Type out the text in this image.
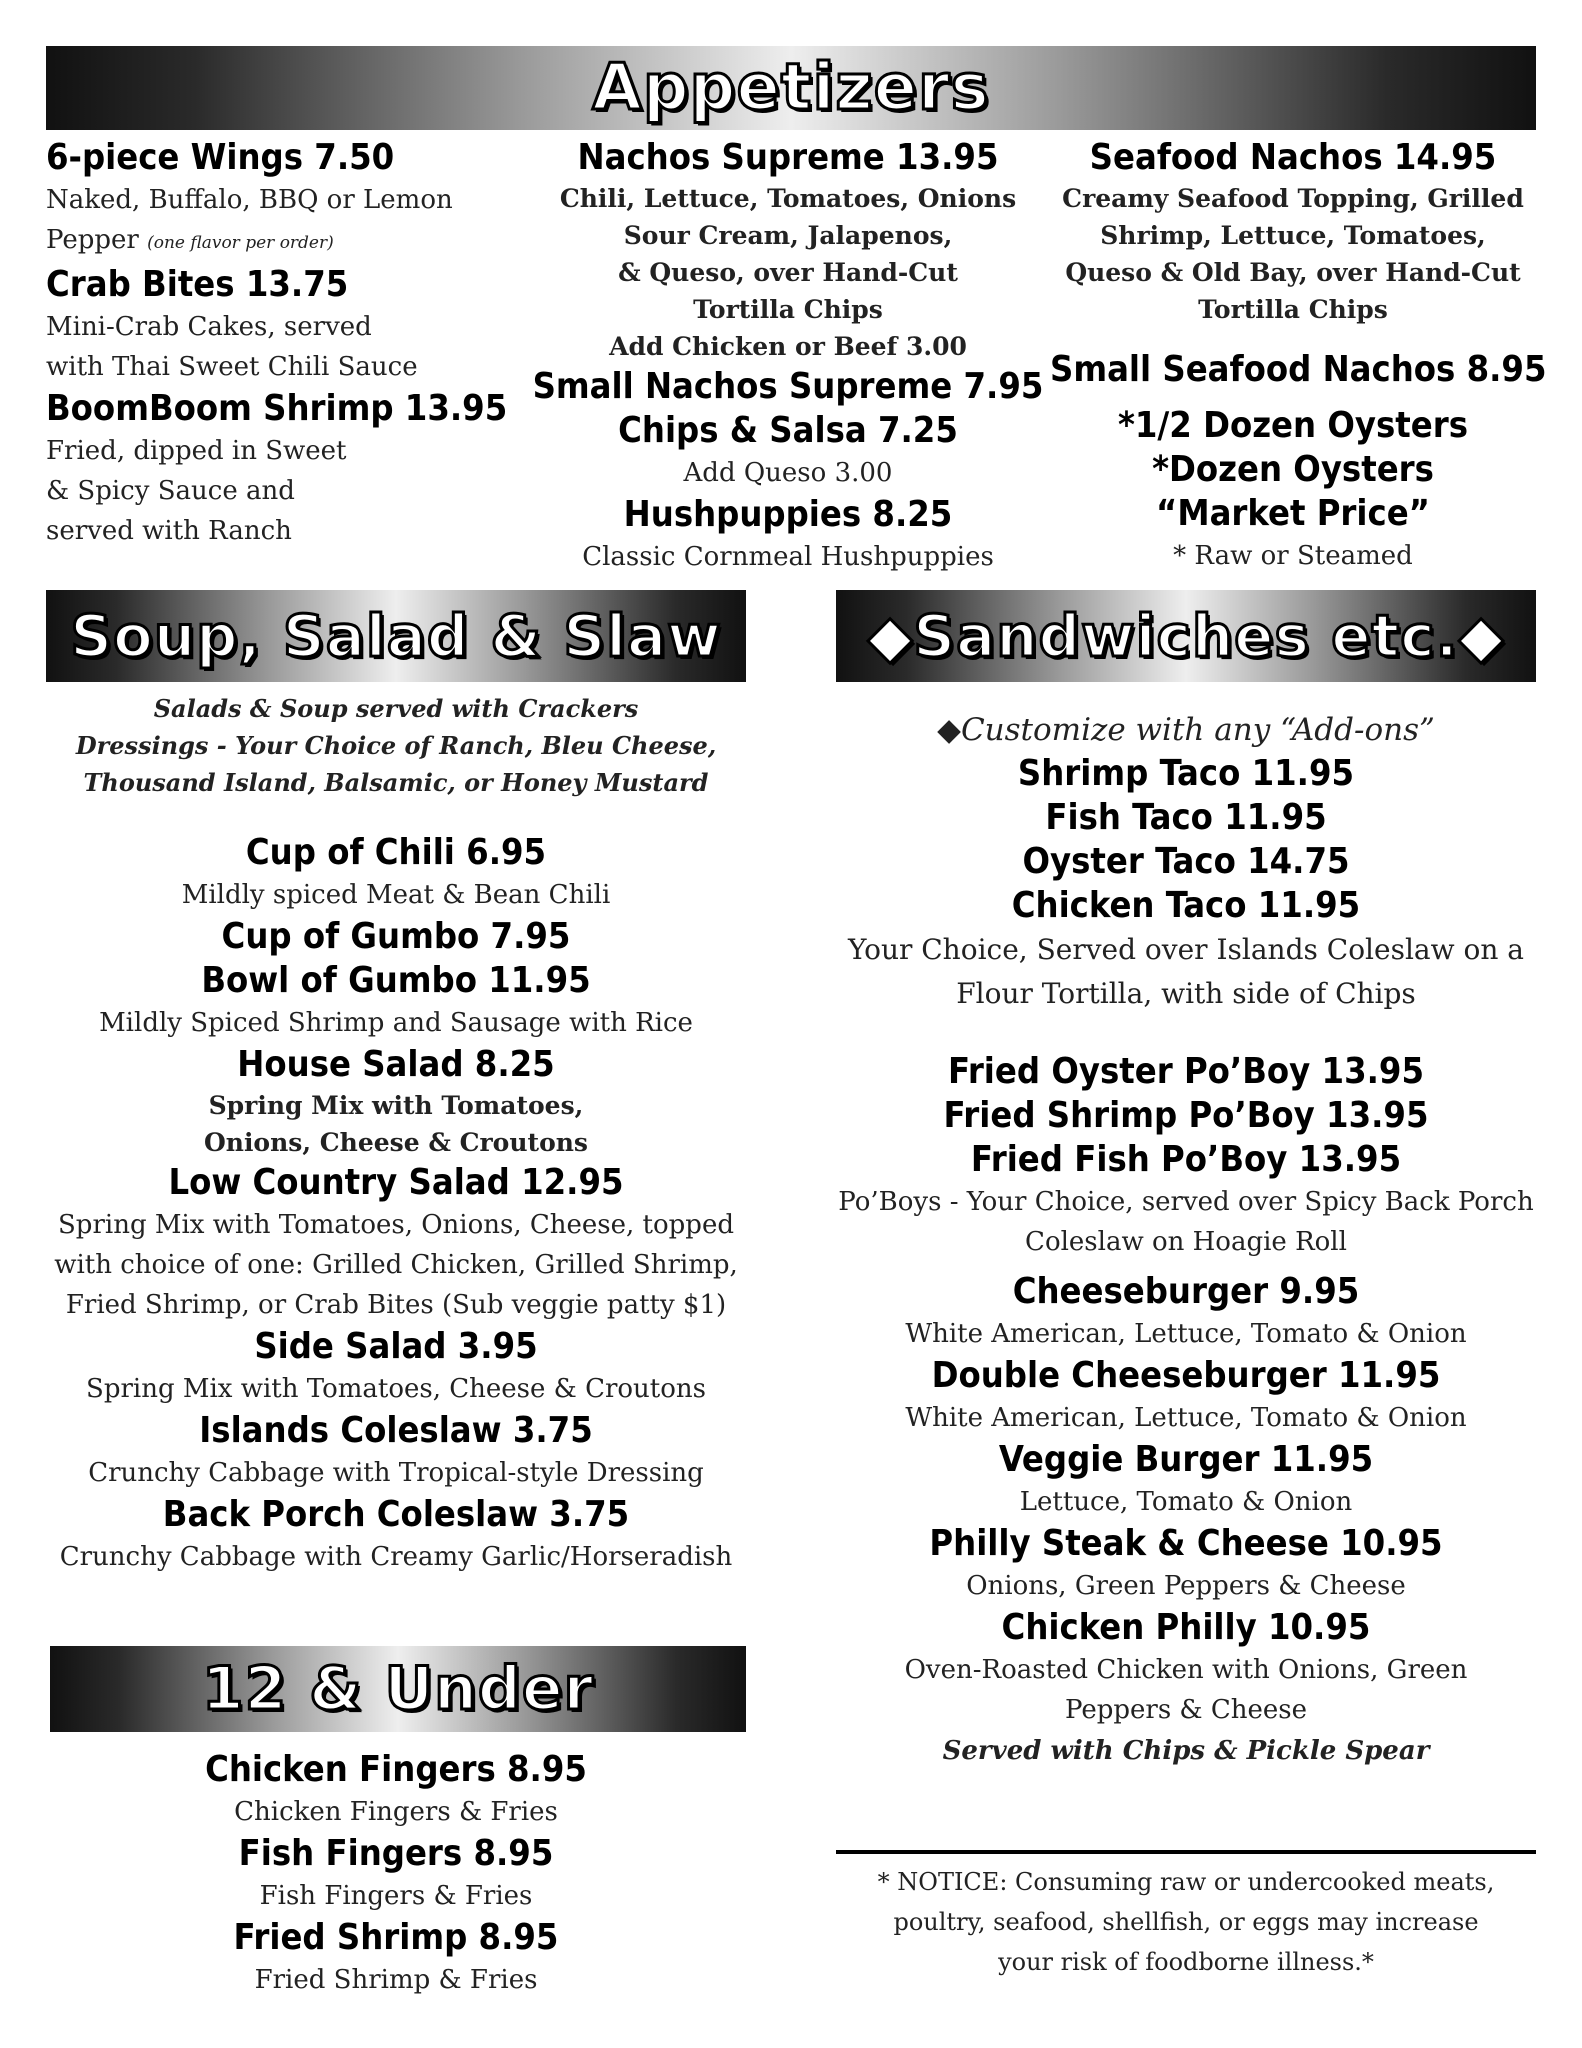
Appetizers
6-piece Wings 7.50
Naked, Buffalo, BBQ or Lemon
Pepper (one flavor per order)
Crab Bites 13.75
Mini-Crab Cakes, served
with Thai Sweet Chili Sauce
BoomBoom Shrimp 13.95
Fried, dipped in Sweet
& Spicy Sauce and
served with Ranch
Nachos Supreme 13.95
Chili, Lettuce, Tomatoes, Onions
Sour Cream, Jalapenos,
& Queso, over Hand-Cut
Tortilla Chips
Add Chicken or Beef 3.00
Small Nachos Supreme 7.95
Chips & Salsa 7.25
Add Queso 3.00
Hushpuppies 8.25
Classic Cornmeal Hushpuppies
Seafood Nachos 14.95
Creamy Seafood Topping, Grilled
Shrimp, Lettuce, Tomatoes,
Queso & Old Bay, over Hand-Cut
Tortilla Chips
Small Seafood Nachos 8.95
*1/2 Dozen Oysters
*Dozen Oysters
“Market Price”
* Raw or Steamed
Soup, Salad & Slaw
Salads & Soup served with Crackers
Dressings - Your Choice of Ranch, Bleu Cheese,
Thousand Island, Balsamic, or Honey Mustard
Cup of Chili 6.95
Mildly spiced Meat & Bean Chili
Cup of Gumbo 7.95
Bowl of Gumbo 11.95
Mildly Spiced Shrimp and Sausage with Rice
House Salad 8.25
Spring Mix with Tomatoes,
Onions, Cheese & Croutons
Low Country Salad 12.95
Spring Mix with Tomatoes, Onions, Cheese, topped
with choice of one: Grilled Chicken, Grilled Shrimp,
Fried Shrimp, or Crab Bites (Sub veggie patty $1)
Side Salad 3.95
Spring Mix with Tomatoes, Cheese & Croutons
Islands Coleslaw 3.75
Crunchy Cabbage with Tropical-style Dressing
Back Porch Coleslaw 3.75
Crunchy Cabbage with Creamy Garlic/Horseradish
12 & Under
Chicken Fingers 8.95
Chicken Fingers & Fries
Fish Fingers 8.95
Fish Fingers & Fries
Fried Shrimp 8.95
Fried Shrimp & Fries
◆Sandwiches etc.◆
◆Customize with any “Add-ons”
Shrimp Taco 11.95
Fish Taco 11.95
Oyster Taco 14.75
Chicken Taco 11.95
Your Choice, Served over Islands Coleslaw on a
Flour Tortilla, with side of Chips
Fried Oyster Po’Boy 13.95
Fried Shrimp Po’Boy 13.95
Fried Fish Po’Boy 13.95
Po’Boys - Your Choice, served over Spicy Back Porch
Coleslaw on Hoagie Roll
Cheeseburger 9.95
White American, Lettuce, Tomato & Onion
Double Cheeseburger 11.95
White American, Lettuce, Tomato & Onion
Veggie Burger 11.95
Lettuce, Tomato & Onion
Philly Steak & Cheese 10.95
Onions, Green Peppers & Cheese
Chicken Philly 10.95
Oven-Roasted Chicken with Onions, Green
Peppers & Cheese
Served with Chips & Pickle Spear
* NOTICE: Consuming raw or undercooked meats,
poultry, seafood, shellfish, or eggs may increase
your risk of foodborne illness.*
